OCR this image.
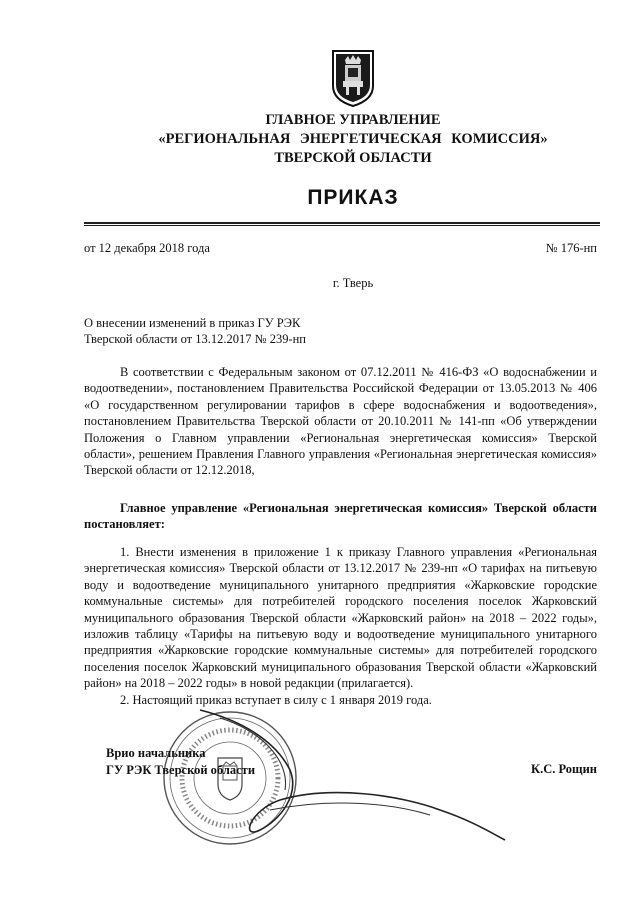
ГЛАВНОЕ УПРАВЛЕНИЕ
«РЕГИОНАЛЬНАЯ ЭНЕРГЕТИЧЕСКАЯ КОМИССИЯ»
ТВЕРСКОЙ ОБЛАСТИ
ПРИКАЗ
от 12 декабря 2018 года	№ 176-нп
г. Тверь
О внесении изменений в приказ ГУ РЭК
Тверской области от 13.12.2017 № 239-нп
В соответствии с Федеральным законом от 07.12.2011 № 416-ФЗ «О водоснабжении и водоотведении», постановлением Правительства Российской Федерации от 13.05.2013 № 406 «О государственном регулировании тарифов в сфере водоснабжения и водоотведения», постановлением Правительства Тверской области от 20.10.2011 № 141-пп «Об утверждении Положения о Главном управлении «Региональная энергетическая комиссия» Тверской области», решением Правления Главного управления «Региональная энергетическая комиссия» Тверской области от 12.12.2018,
Главное управление «Региональная энергетическая комиссия» Тверской области постановляет:

1. Внести изменения в приложение 1 к приказу Главного управления «Региональная энергетическая комиссия» Тверской области от 13.12.2017 № 239-нп «О тарифах на питьевую воду и водоотведение муниципального унитарного предприятия «Жарковские городские коммунальные системы» для потребителей городского поселения поселок Жарковский муниципального образования Тверской области «Жарковский район» на 2018 – 2022 годы», изложив таблицу «Тарифы на питьевую воду и водоотведение муниципального унитарного предприятия «Жарковские городские коммунальные системы» для потребителей городского поселения поселок Жарковский муниципального образования Тверской области «Жарковский район» на 2018 – 2022 годы» в новой редакции (прилагается).

2. Настоящий приказ вступает в силу с 1 января 2019 года.

Врио начальника
ГУ РЭК Тверской области	К.С. Рощин
